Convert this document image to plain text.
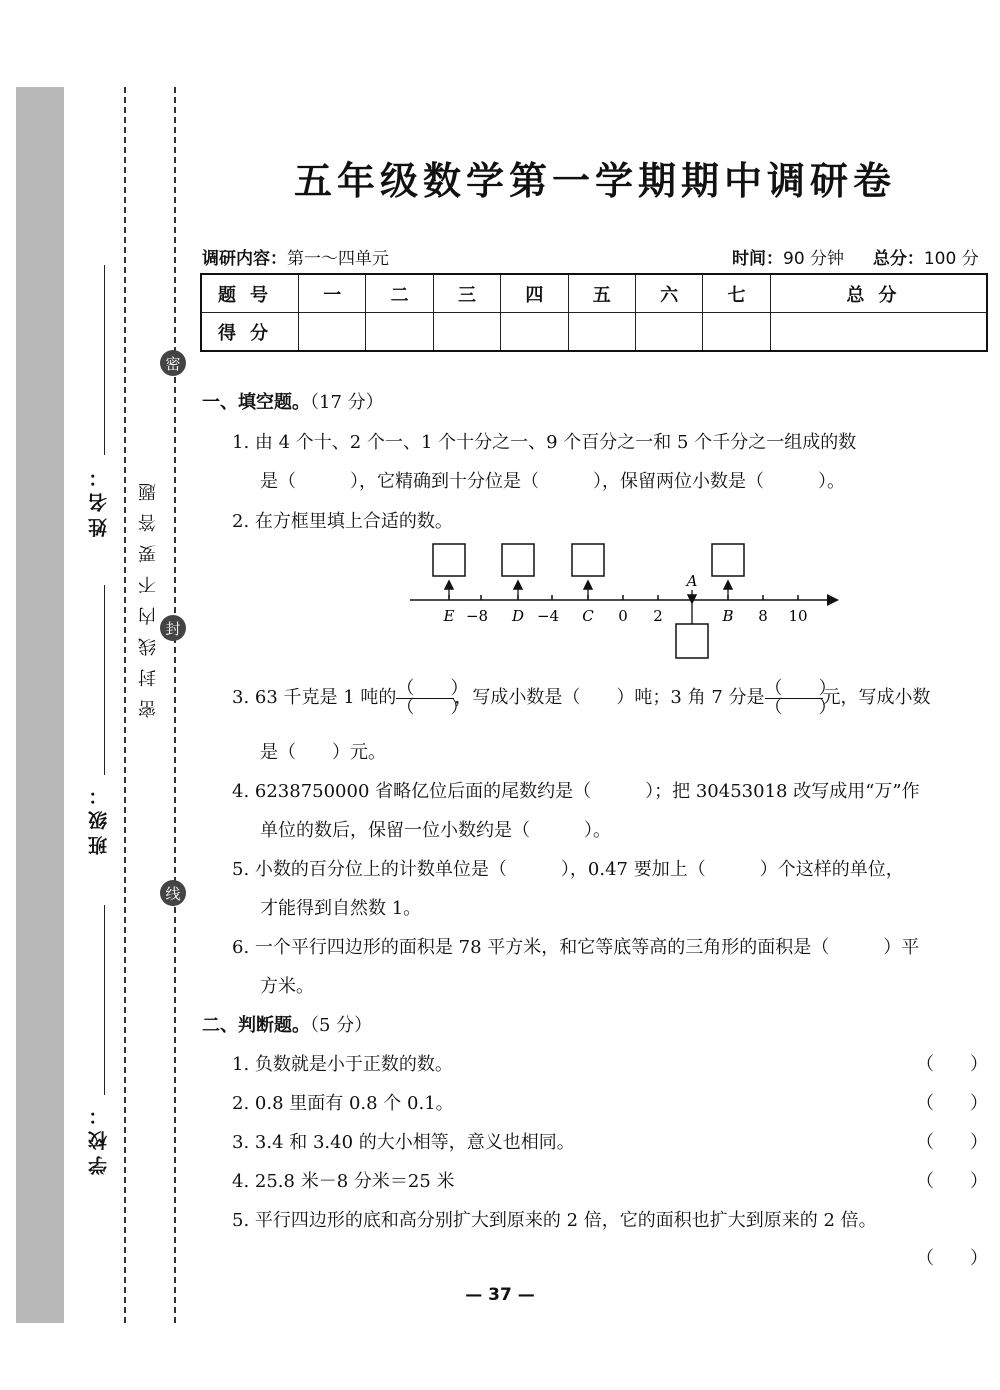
姓名：
班级：
学校：
密
封
线
密封线内不要答题
五年级数学第一学期期中调研卷
调研内容：第一～四单元	时间：90 分钟 总分：100 分
题号	一	二	三	四	五	六	七	总分
得分								
一、填空题。（17 分）
1. 由 4 个十、2 个一、1 个十分之一、9 个百分之一和 5 个千分之一组成的数
是（　　　），它精确到十分位是（　　　），保留两位小数是（　　　）。
2. 在方框里填上合适的数。
E −8 D −4 C 0 2	B 8 10
A
3. 63 千克是 1 吨的 $\frac{( )}{( )}$，写成小数是（　　）吨；3 角 7 分是 $\frac{( )}{( )}$元，写成小数
是（　　）元。
4. 6238750000 省略亿位后面的尾数约是（　　　）；把 30453018 改写成用“万”作
单位的数后，保留一位小数约是（　　　）。
5. 小数的百分位上的计数单位是（　　　），0.47 要加上（　　　）个这样的单位，
才能得到自然数 1。
6. 一个平行四边形的面积是 78 平方米，和它等底等高的三角形的面积是（　　　）平
方米。
二、判断题。（5 分）
1. 负数就是小于正数的数。	（　　）
2. 0.8 里面有 0.8 个 0.1。	（　　）
3. 3.4 和 3.40 的大小相等，意义也相同。	（　　）
4. 25.8 米－8 分米＝25 米	（　　）
5. 平行四边形的底和高分别扩大到原来的 2 倍，它的面积也扩大到原来的 2 倍。
（　　）
— 37 —
